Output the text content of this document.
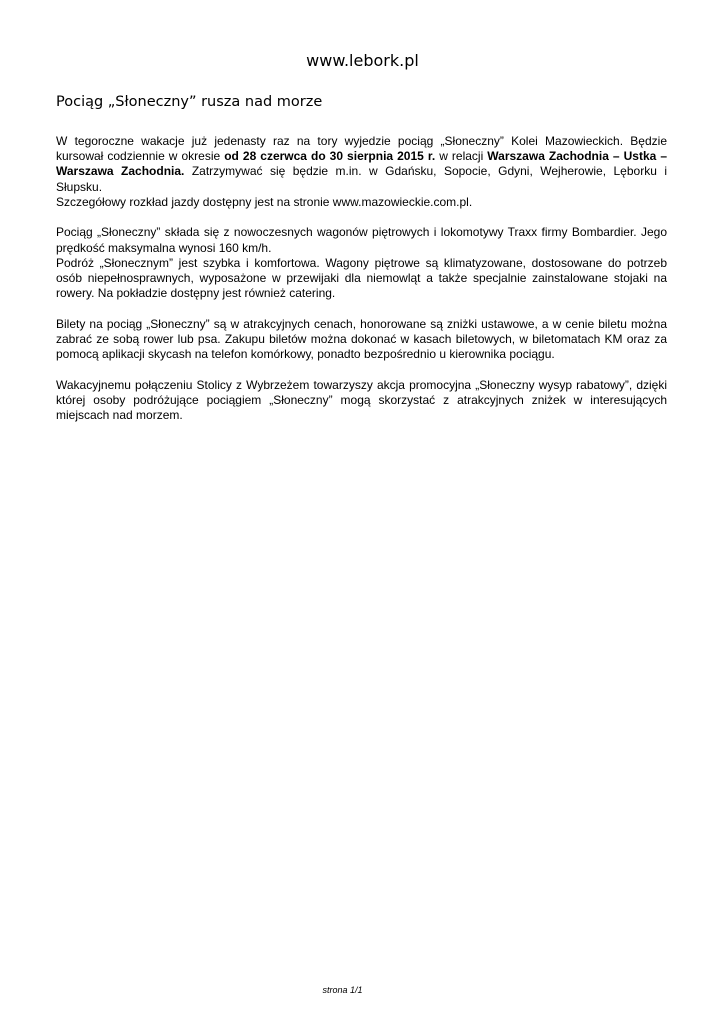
www.lebork.pl
Pociąg „Słoneczny” rusza nad morze
W tegoroczne wakacje już jedenasty raz na tory wyjedzie pociąg „Słoneczny” Kolei Mazowieckich. Będzie
kursował codziennie w okresie od 28 czerwca do 30 sierpnia 2015 r. w relacji Warszawa Zachodnia – Ustka –
Warszawa Zachodnia. Zatrzymywać się będzie m.in. w Gdańsku, Sopocie, Gdyni, Wejherowie, Lęborku i
Słupsku.
Szczegółowy rozkład jazdy dostępny jest na stronie www.mazowieckie.com.pl.
Pociąg „Słoneczny” składa się z nowoczesnych wagonów piętrowych i lokomotywy Traxx firmy Bombardier. Jego
prędkość maksymalna wynosi 160 km/h.
Podróż „Słonecznym” jest szybka i komfortowa. Wagony piętrowe są klimatyzowane, dostosowane do potrzeb
osób niepełnosprawnych, wyposażone w przewijaki dla niemowląt a także specjalnie zainstalowane stojaki na
rowery. Na pokładzie dostępny jest również catering.
Bilety na pociąg „Słoneczny” są w atrakcyjnych cenach, honorowane są zniżki ustawowe, a w cenie biletu można
zabrać ze sobą rower lub psa. Zakupu biletów można dokonać w kasach biletowych, w biletomatach KM oraz za
pomocą aplikacji skycash na telefon komórkowy, ponadto bezpośrednio u kierownika pociągu.
Wakacyjnemu połączeniu Stolicy z Wybrzeżem towarzyszy akcja promocyjna „Słoneczny wysyp rabatowy”, dzięki
której osoby podróżujące pociągiem „Słoneczny” mogą skorzystać z atrakcyjnych zniżek w interesujących
miejscach nad morzem.
strona 1/1
